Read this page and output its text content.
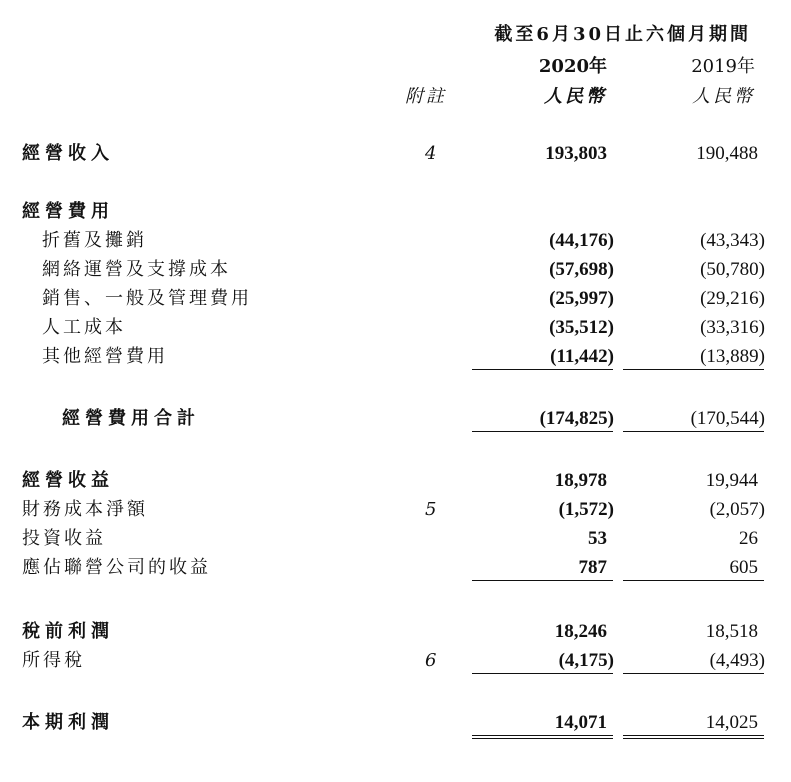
截至6月30日止六個月期間
2020年	2019年
附註	人民幣	人民幣
經營收入	4	193,803	190,488
經營費用
折舊及攤銷	(44,176)	(43,343)
網絡運營及支撐成本	(57,698)	(50,780)
銷售、一般及管理費用	(25,997)	(29,216)
人工成本	(35,512)	(33,316)
其他經營費用	(11,442)	(13,889)
經營費用合計	(174,825)	(170,544)
經營收益	18,978	19,944
財務成本淨額	5	(1,572)	(2,057)
投資收益	53	26
應佔聯營公司的收益	787	605
稅前利潤	18,246	18,518
所得稅	6	(4,175)	(4,493)
本期利潤	14,071	14,025
